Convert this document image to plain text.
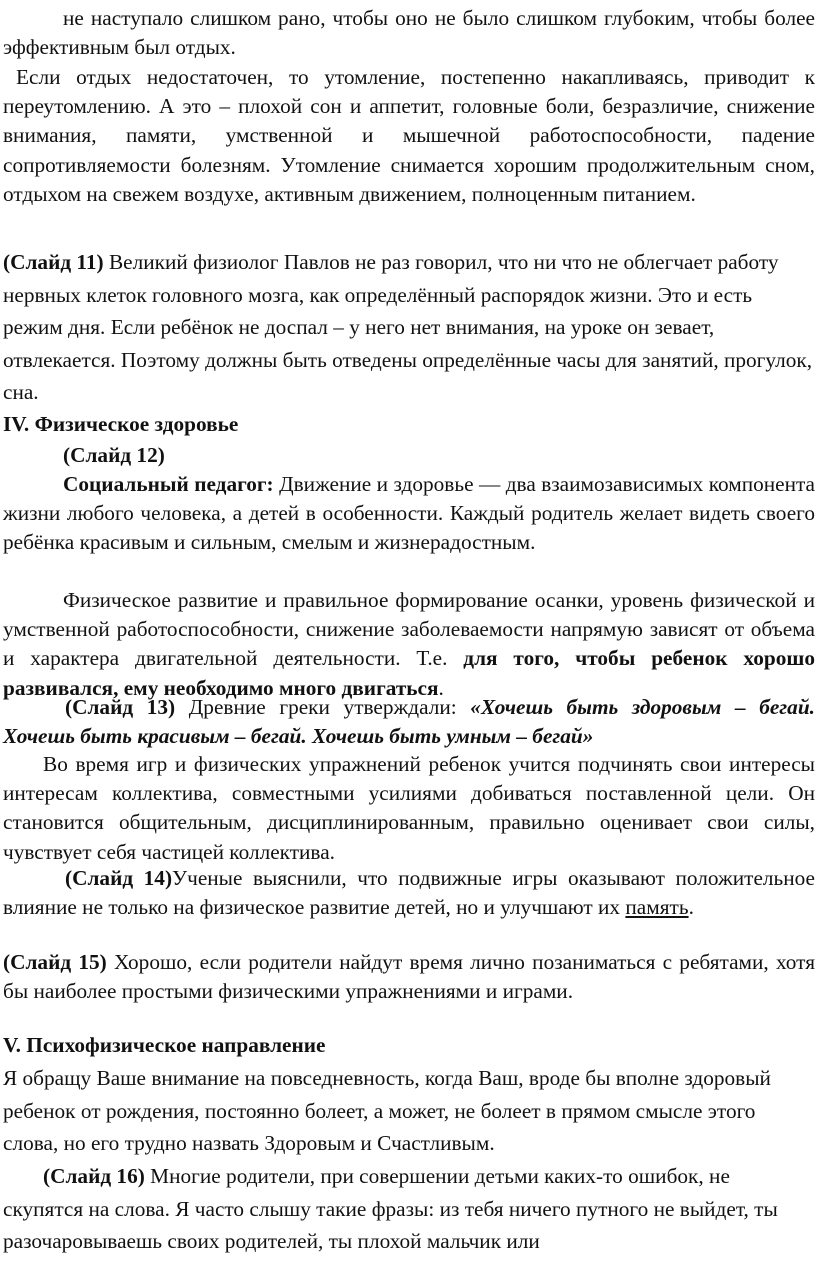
не наступало слишком рано, чтобы оно не было слишком глубоким, чтобы более эффективным был отдых.

Если отдых недостаточен, то утомление, постепенно накапливаясь, приводит к переутомлению. А это – плохой сон и аппетит, головные боли, безразличие, снижение внимания, памяти, умственной и мышечной работоспособности, падение сопротивляемости болезням. Утомление снимается хорошим продолжительным сном, отдыхом на свежем воздухе, активным движением, полноценным питанием.

(Слайд 11) Великий физиолог Павлов не раз говорил, что ни что не облегчает работу нервных клеток головного мозга, как определённый распорядок жизни. Это и есть режим дня. Если ребёнок не доспал – у него нет внимания, на уроке он зевает, отвлекается. Поэтому должны быть отведены определённые часы для занятий, прогулок, сна.

IV. Физическое здоровье

(Слайд 12)

Социальный педагог: Движение и здоровье — два взаимозависимых компонента жизни любого человека, а детей в особенности. Каждый родитель желает видеть своего ребёнка красивым и сильным, смелым и жизнерадостным.

Физическое развитие и правильное формирование осанки, уровень физической и умственной работоспособности, снижение заболеваемости напрямую зависят от объема и характера двигательной деятельности. Т.е. для того, чтобы ребенок хорошо развивался, ему необходимо много двигаться.

(Слайд 13) Древние греки утверждали: «Хочешь быть здоровым – бегай. Хочешь быть красивым – бегай. Хочешь быть умным – бегай»

Во время игр и физических упражнений ребенок учится подчинять свои интересы интересам коллектива, совместными усилиями добиваться поставленной цели. Он становится общительным, дисциплинированным, правильно оценивает свои силы, чувствует себя частицей коллектива.

(Слайд 14)Ученые выяснили, что подвижные игры оказывают положительное влияние не только на физическое развитие детей, но и улучшают их память.

(Слайд 15) Хорошо, если родители найдут время лично позаниматься с ребятами, хотя бы наиболее простыми физическими упражнениями и играми.

V. Психофизическое направление

Я обращу Ваше внимание на повседневность, когда Ваш, вроде бы вполне здоровый ребенок от рождения, постоянно болеет, а может, не болеет в прямом смысле этого слова, но его трудно назвать Здоровым и Счастливым.

(Слайд 16) Многие родители, при совершении детьми каких-то ошибок, не скупятся на слова. Я часто слышу такие фразы: из тебя ничего путного не выйдет, ты разочаровываешь своих родителей, ты плохой мальчик или
